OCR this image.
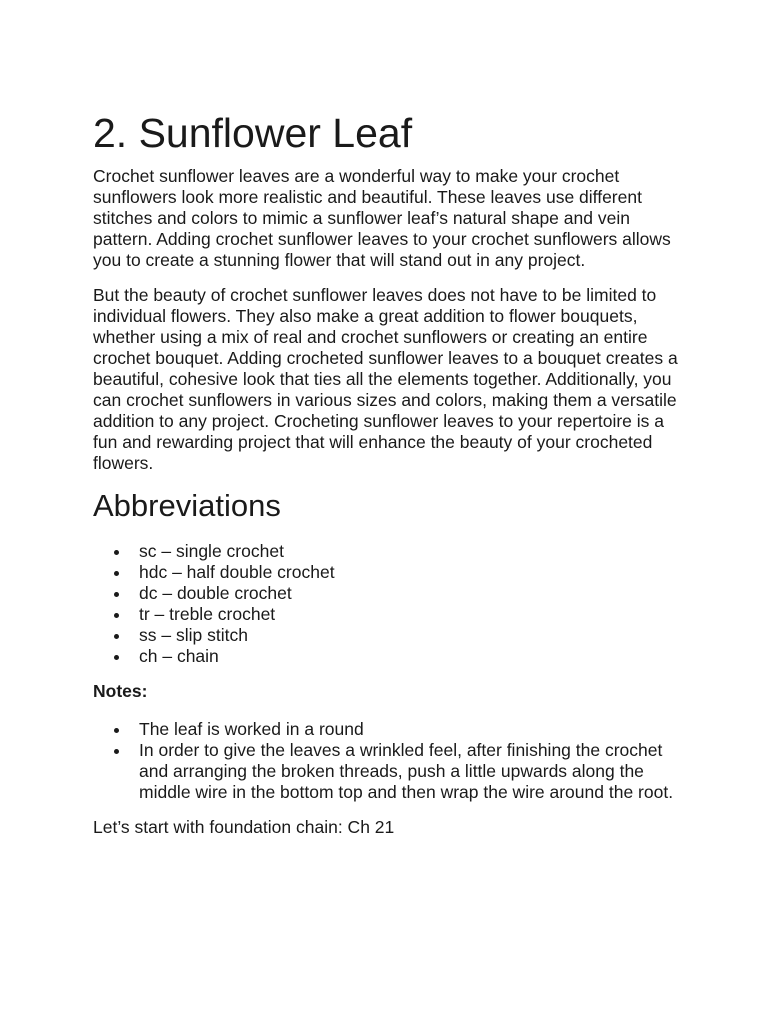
2. Sunflower Leaf

Crochet sunflower leaves are a wonderful way to make your crochet sunflowers look more realistic and beautiful. These leaves use different stitches and colors to mimic a sunflower leaf’s natural shape and vein pattern. Adding crochet sunflower leaves to your crochet sunflowers allows you to create a stunning flower that will stand out in any project.

But the beauty of crochet sunflower leaves does not have to be limited to individual flowers. They also make a great addition to flower bouquets, whether using a mix of real and crochet sunflowers or creating an entire crochet bouquet. Adding crocheted sunflower leaves to a bouquet creates a beautiful, cohesive look that ties all the elements together. Additionally, you can crochet sunflowers in various sizes and colors, making them a versatile addition to any project. Crocheting sunflower leaves to your repertoire is a fun and rewarding project that will enhance the beauty of your crocheted flowers.

Abbreviations
sc – single crochet
hdc – half double crochet
dc – double crochet
tr – treble crochet
ss – slip stitch
ch – chain

Notes:

The leaf is worked in a round
In order to give the leaves a wrinkled feel, after finishing the crochet and arranging the broken threads, push a little upwards along the middle wire in the bottom top and then wrap the wire around the root.

Let’s start with foundation chain: Ch 21
